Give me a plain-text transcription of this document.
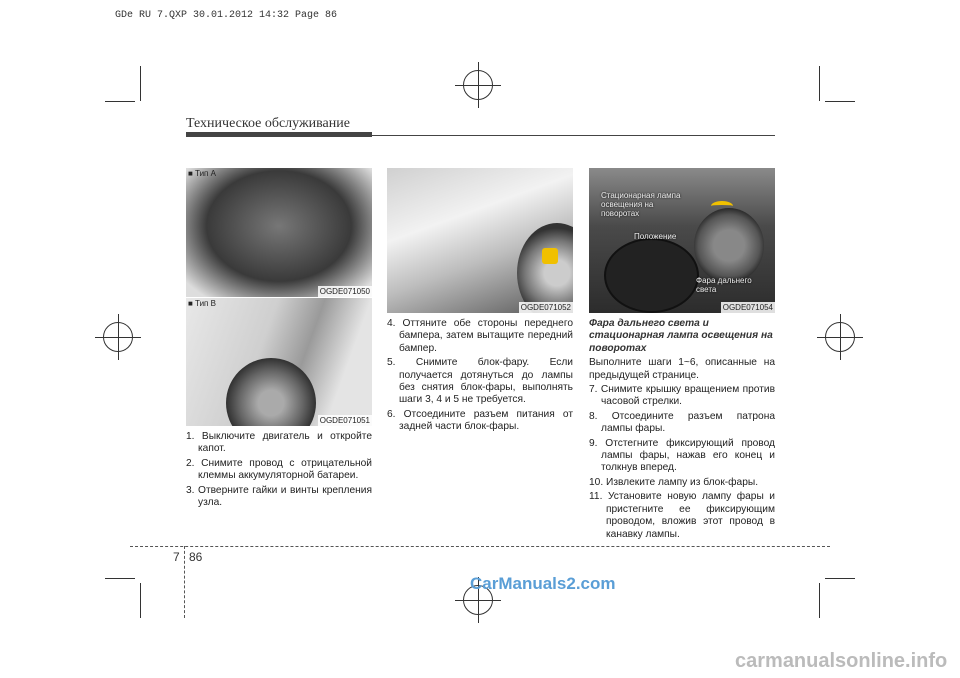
GDe RU 7.QXP 30.01.2012 14:32 Page 86
Техническое обслуживание
■ Тип A
OGDE071050
■ Тип B
OGDE071051

1. Выключите двигатель и откройте капот.

2. Снимите провод с отрицательной клеммы аккумуляторной батареи.

3. Отверните гайки и винты крепления узла.

OGDE071052

4. Оттяните обе стороны переднего бампера, затем вытащите передний бампер.

5. Снимите блок-фару. Если получается дотянуться до лампы без снятия блок-фары, выполнять шаги 3, 4 и 5 не требуется.

6. Отсоедините разъем питания от задней части блок-фары.

Стационарная лампа освещения на поворотах
Положение
Фара дальнего света
OGDE071054

Фара дальнего света и стационарная лампа освещения на поворотах

Выполните шаги 1~6, описанные на предыдущей странице.

7. Снимите крышку вращением против часовой стрелки.

8. Отсоедините разъем патрона лампы фары.

9. Отстегните фиксирующий провод лампы фары, нажав его конец и толкнув вперед.

10. Извлеките лампу из блок-фары.

11. Установите новую лампу фары и пристегните ее фиксирующим проводом, вложив этот провод в канавку лампы.

7 86
CarManuals2.com
carmanualsonline.info
